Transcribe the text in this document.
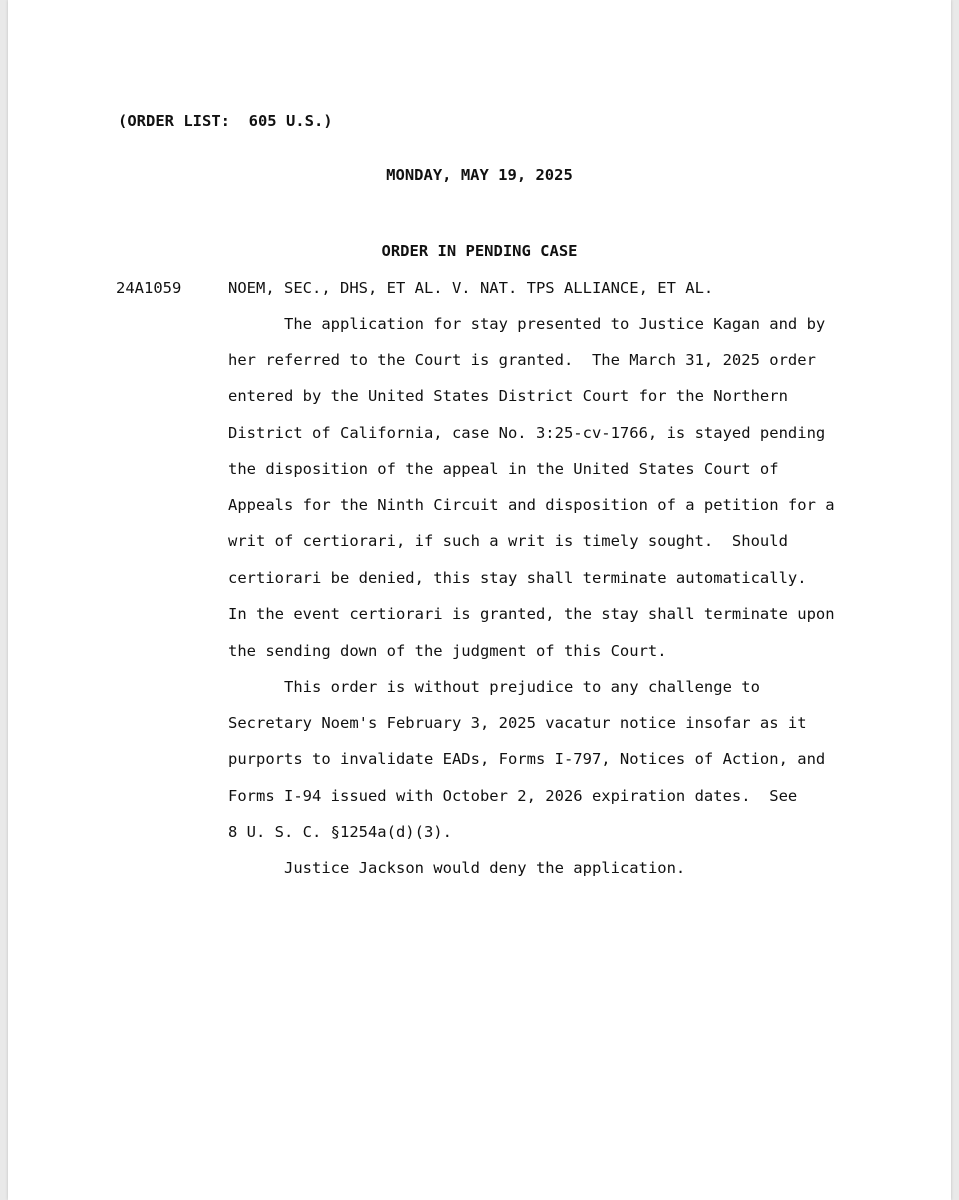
(ORDER LIST:  605 U.S.)
MONDAY, MAY 19, 2025
ORDER IN PENDING CASE
24A1059	NOEM, SEC., DHS, ET AL. V. NAT. TPS ALLIANCE, ET AL.
The application for stay presented to Justice Kagan and by
her referred to the Court is granted.  The March 31, 2025 order
entered by the United States District Court for the Northern
District of California, case No. 3:25-cv-1766, is stayed pending
the disposition of the appeal in the United States Court of
Appeals for the Ninth Circuit and disposition of a petition for a
writ of certiorari, if such a writ is timely sought.  Should
certiorari be denied, this stay shall terminate automatically.
In the event certiorari is granted, the stay shall terminate upon
the sending down of the judgment of this Court.
This order is without prejudice to any challenge to
Secretary Noem's February 3, 2025 vacatur notice insofar as it
purports to invalidate EADs, Forms I-797, Notices of Action, and
Forms I-94 issued with October 2, 2026 expiration dates.  See
8 U. S. C. §1254a(d)(3).
Justice Jackson would deny the application.
